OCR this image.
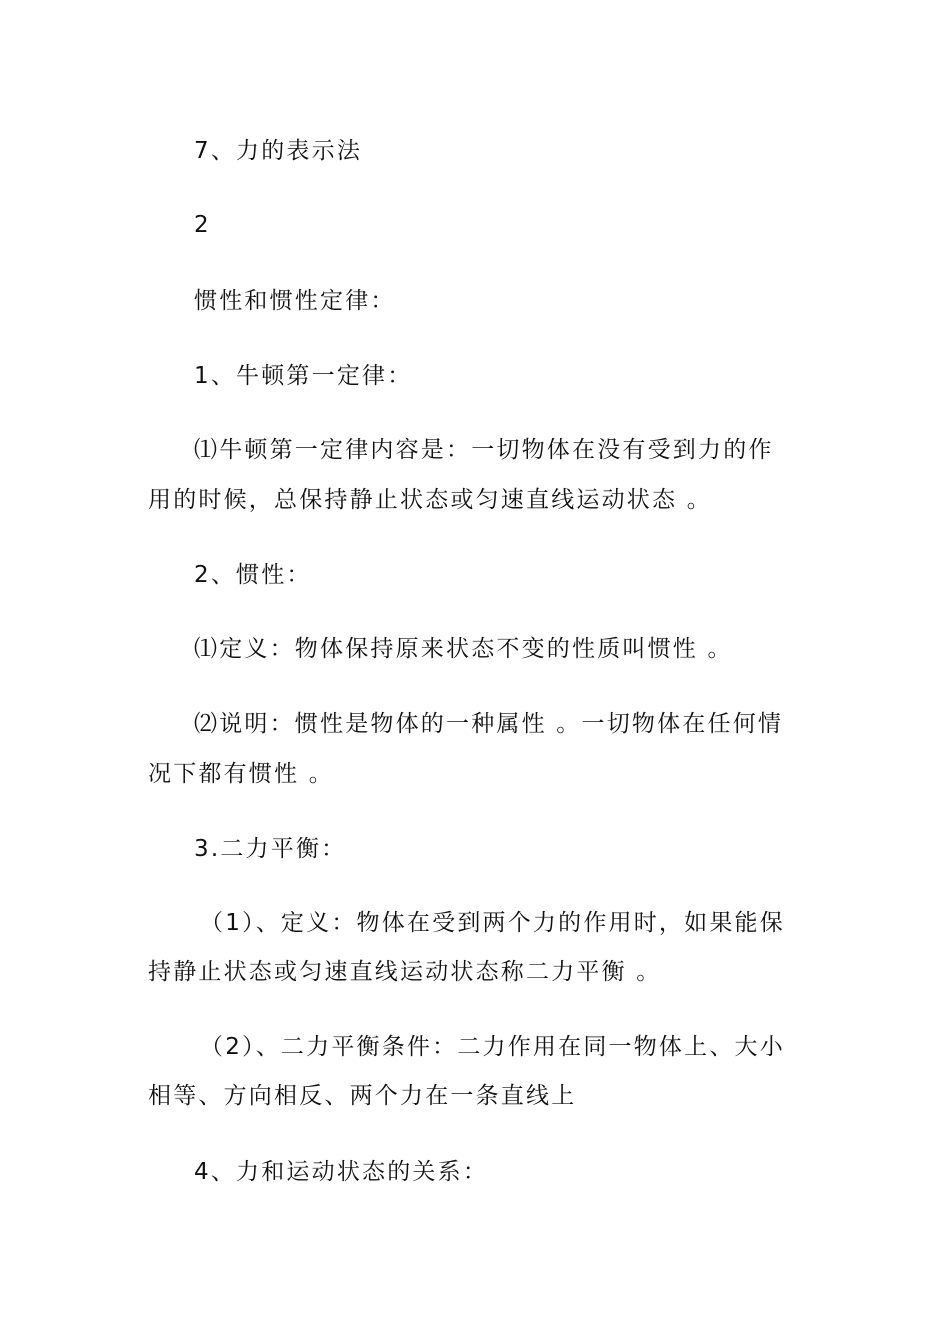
7、力的表示法
2
惯性和惯性定律：
1、牛顿第一定律：
⑴牛顿第一定律内容是：一切物体在没有受到力的作
用的时候，总保持静止状态或匀速直线运动状态 。
2、惯性：
⑴定义：物体保持原来状态不变的性质叫惯性 。
⑵说明：惯性是物体的一种属性 。一切物体在任何情
况下都有惯性 。
3.二力平衡：
（1）、定义：物体在受到两个力的作用时，如果能保
持静止状态或匀速直线运动状态称二力平衡 。
（2）、二力平衡条件：二力作用在同一物体上、大小
相等、方向相反、两个力在一条直线上
4、力和运动状态的关系：
